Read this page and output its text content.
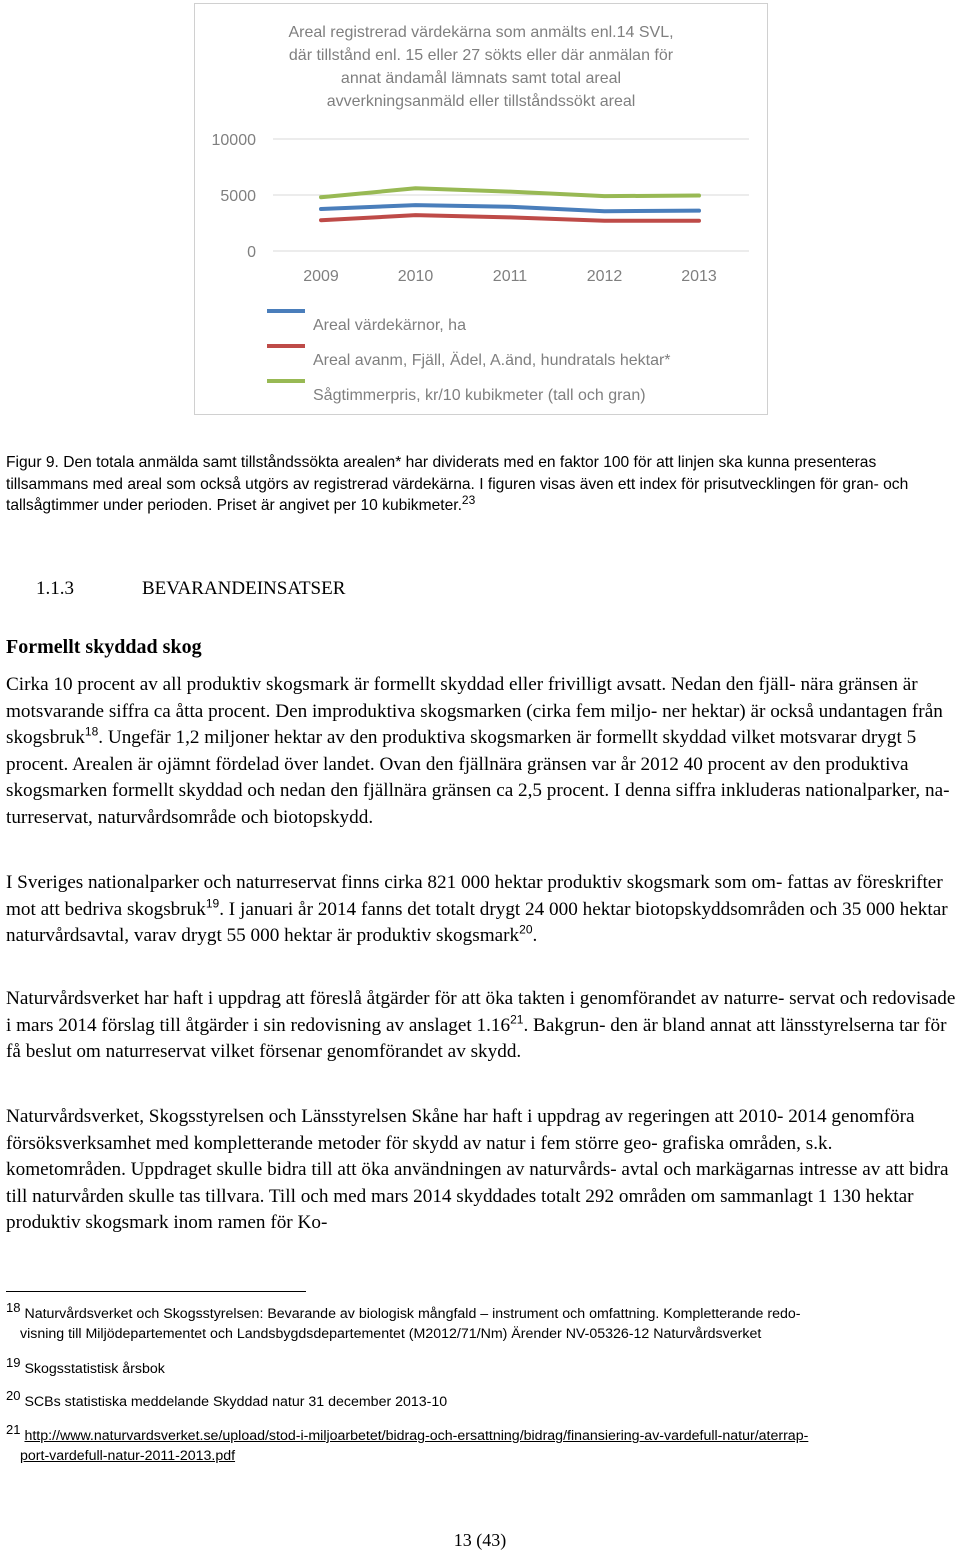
Areal registrerad värdekärna som anmälts enl.14 SVL,
där tillstånd enl. 15 eller 27 sökts eller där anmälan för
annat ändamål lämnats samt total areal
avverkningsanmäld eller tillståndssökt areal
0
5000
10000
2009	2010	2011	2012	2013
Areal värdekärnor, ha
Areal avanm, Fjäll, Ädel, A.änd, hundratals hektar*
Sågtimmerpris, kr/10 kubikmeter (tall och gran)
Figur 9. Den totala anmälda samt tillståndssökta arealen* har dividerats med en faktor 100 för att linjen ska kunna presenteras tillsammans med areal som också utgörs av registrerad värdekärna. I figuren visas även ett index för prisutvecklingen för gran- och tallsågtimmer under perioden. Priset är angivet per 10 kubikmeter.$^{23}$
1.1.3	BEVARANDEINSATSER
Formellt skyddad skog
Cirka 10 procent av all produktiv skogsmark är formellt skyddad eller frivilligt avsatt. Nedan den fjäll- nära gränsen är motsvarande siffra ca åtta procent. Den improduktiva skogsmarken (cirka fem miljo- ner hektar) är också undantagen från skogsbruk$^{18}$. Ungefär 1,2 miljoner hektar av den produktiva skogsmarken är formellt skyddad vilket motsvarar drygt 5 procent. Arealen är ojämnt fördelad över landet. Ovan den fjällnära gränsen var år 2012 40 procent av den produktiva skogsmarken formellt skyddad och nedan den fjällnära gränsen ca 2,5 procent. I denna siffra inkluderas nationalparker, na- turreservat, naturvårdsområde och biotopskydd.
I Sveriges nationalparker och naturreservat finns cirka 821 000 hektar produktiv skogsmark som om- fattas av föreskrifter mot att bedriva skogsbruk$^{19}$. I januari år 2014 fanns det totalt drygt 24 000 hektar biotopskyddsområden och 35 000 hektar naturvårdsavtal, varav drygt 55 000 hektar är produktiv skogsmark$^{20}$.
Naturvårdsverket har haft i uppdrag att föreslå åtgärder för att öka takten i genomförandet av naturre- servat och redovisade i mars 2014 förslag till åtgärder i sin redovisning av anslaget 1.16$^{21}$. Bakgrun- den är bland annat att länsstyrelserna tar för få beslut om naturreservat vilket försenar genomförandet av skydd.
Naturvårdsverket, Skogsstyrelsen och Länsstyrelsen Skåne har haft i uppdrag av regeringen att 2010- 2014 genomföra försöksverksamhet med kompletterande metoder för skydd av natur i fem större geo- grafiska områden, s.k. kometområden. Uppdraget skulle bidra till att öka användningen av naturvårds- avtal och markägarnas intresse av att bidra till naturvården skulle tas tillvara. Till och med mars 2014 skyddades totalt 292 områden om sammanlagt 1 130 hektar produktiv skogsmark inom ramen för Ko-
18 Naturvårdsverket och Skogsstyrelsen: Bevarande av biologisk mångfald – instrument och omfattning. Kompletterande redo-
visning till Miljödepartementet och Landsbygdsdepartementet (M2012/71/Nm) Ärender NV-05326-12 Naturvårdsverket
19 Skogsstatistisk årsbok
20 SCBs statistiska meddelande Skyddad natur 31 december 2013-10
21 http://www.naturvardsverket.se/upload/stod-i-miljoarbetet/bidrag-och-ersattning/bidrag/finansiering-av-vardefull-natur/aterrap-
port-vardefull-natur-2011-2013.pdf
13 (43)
